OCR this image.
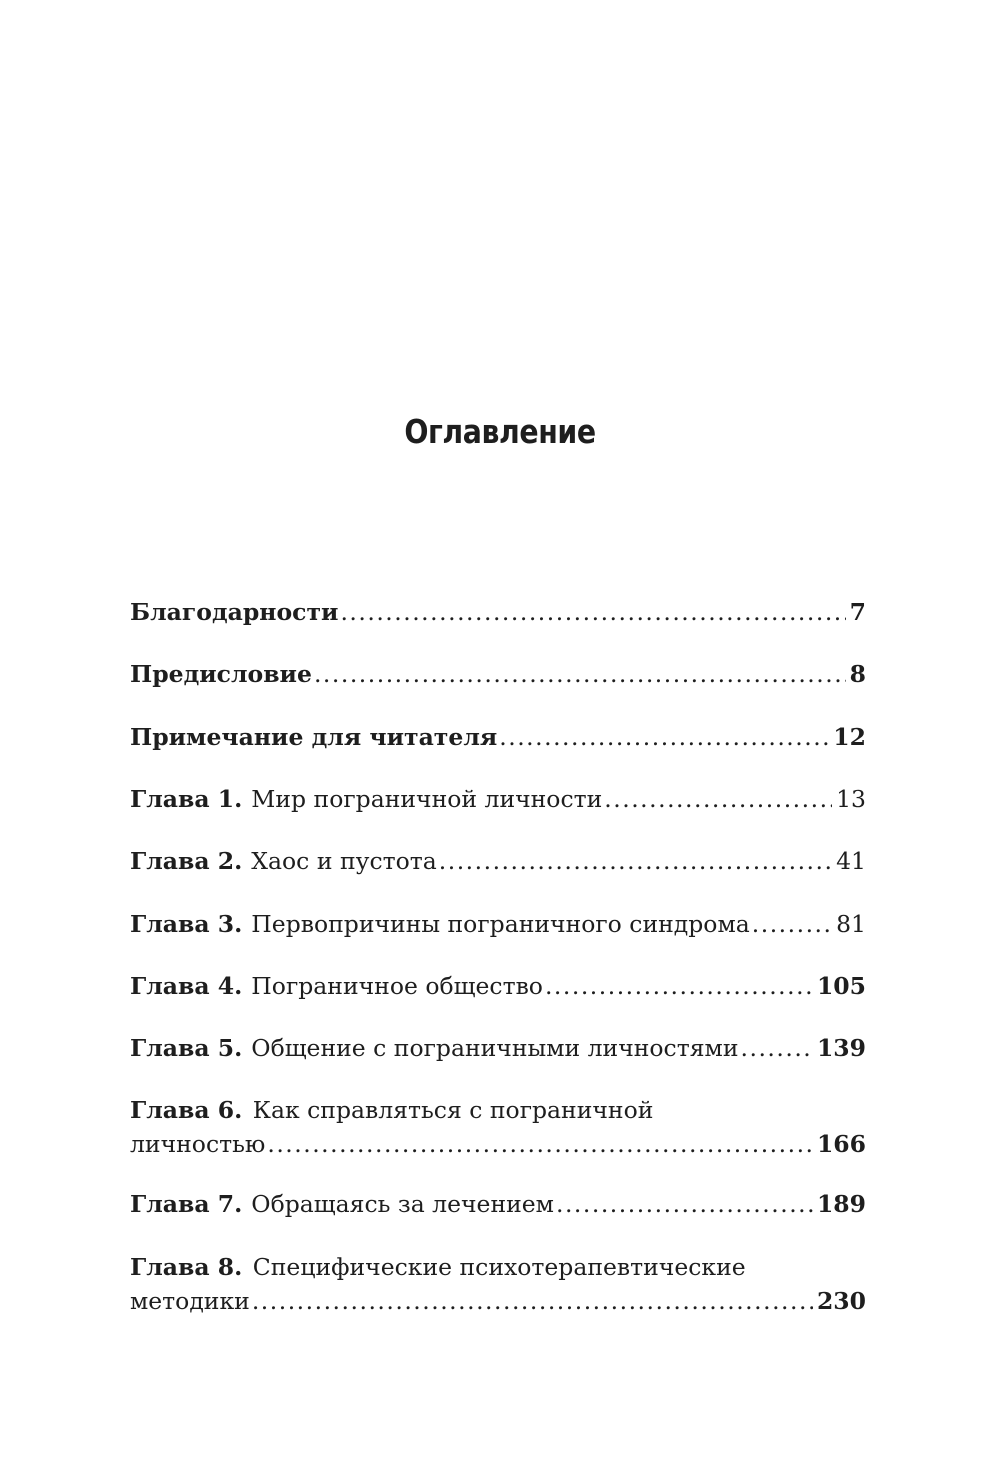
Оглавление
Благодарности .....	7
Предисловие .....	8
Примечание для читателя .....	12
Глава 1. Мир пограничной личности .....	13
Глава 2. Хаос и пустота .....	41
Глава 3. Первопричины пограничного синдрома .....	81
Глава 4. Пограничное общество .....	105
Глава 5. Общение с пограничными личностями .....	139
Глава 6. Как справляться с пограничной
личностью .....	166
Глава 7. Обращаясь за лечением .....	189
Глава 8. Специфические психотерапевтические
методики .....	230
